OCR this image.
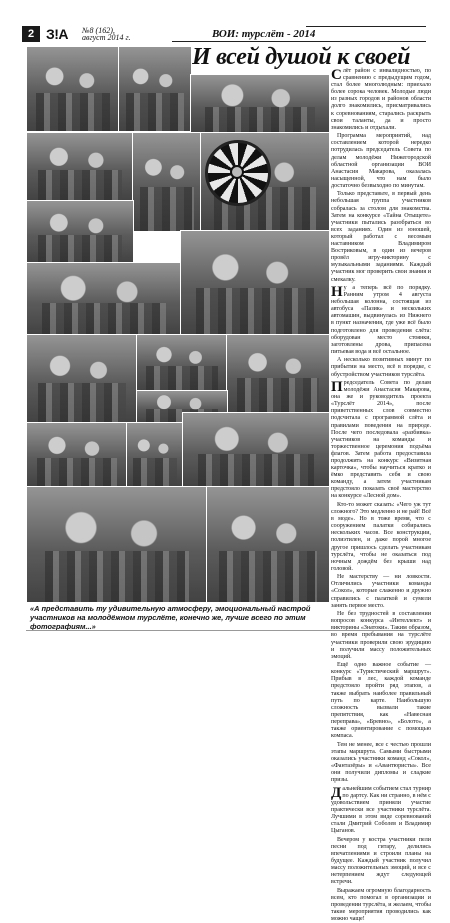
2 З!А №8 (162),
август 2014 г.	ВОИ: турслёт - 2014
И всей душой к своей
«А представить ту удивительную атмосферу, эмоциональный настрой участников на молодёжном турслёте, конечно же, лучше всего по этим фотографиям...»

Слёт район с инвалидностью, по сравнению с предыдущим годом, стал более многолюдным: приехало более сорока человек. Молодые люди из разных городов и районов области долго знакомились, присматривались к соревнованиям, старались раскрыть свои таланты, да и просто знакомились и отдыхали.

Программа мероприятий, над составлением которой нередко потрудилась председатель Совета по делам молодёжи Нижегородской областной организации ВОИ Анастасия Макарова, оказалась насыщенной, что нам было достаточно безвыходно по минутам.

Только представьте, в первый день небольшая группа участников собралась за столом для знакомства. Затем на конкурсе «Тайна Отыщете» участники пытались разобраться во всех заданиях. Один из юношей, который работал с весомым наставником Владимиром Востриковым, в один из вечеров провёл игру-викторину с музыкальными заданиями. Каждый участник мог проверить свои знания и смекалку.

Ну а теперь всё по порядку. Ранним утром 4 августа небольшая колонна, состоящая из автобуса «Пазик» и нескольких автомашин, выдвинулась из Нижнего в пункт назначения, где уже всё было подготовлено для проведения слёта: оборудован место стоянки, заготовлены дрова, припасена питьевая вода и всё остальное.

А несколько позитивных минут по прибытии на место, всё в порядке, с обустройством участников турслёта.

Председатель Совета по делам молодёжи Анастасия Макарова, она же и руководитель проекта «Турслёт 2014», после приветственных слов совместно подсчитала с программой слёта и правилами поведения на природе. После чего последовала «разбивка» участников на команды и торжественное церемония подъёма флагов. Затем работа предоставила продолжить на конкурс «Визитная карточка», чтобы научиться кратко и ёмко представить себя и свою команду, а затем участникам предстояло показать своё мастерство на конкурсе «Лесной дом».

Кто-то может сказать: «Чего уж тут сложного? Это медленно и не рай! Всё в моде». Но в тоже время, что с сооружением палатки собирались нескольких часов. Все конструкции, полиэтилен, и даже порой многое другое пришлось сделать участникам турслёта, чтобы не оказаться под ночным дождём без крыши над головой.

Не мастерству — ни ловкости. Отличились участники команды «Сокол», которые слаженно и дружно справились с палаткой и сумели занять первое место.

Не без трудностей в составлении вопросов конкурса «Интеллект» и викторины «Знатоки». Таким образом, во время пребывания на турслёте участники проверили свою эрудицию и получили массу положительных эмоций.

Ещё одно важное событие — конкурс «Туристический маршрут». Прибыв в лес, каждой команде предстояло пройти ряд этапов, а также выбрать наиболее правильный путь по карте. Наибольшую сложность вызвали такие препятствия, как «Навесная переправа», «Бревно», «Болото», а также ориентирование с помощью компаса.

Тем не менее, все с честью прошли этапы маршрута. Самыми быстрыми оказались участники команд «Сокол», «Фантазёры» и «Авантюристы». Все они получили дипломы и сладкие призы.

Дальнейшим событием стал турнир по дартсу. Как ни странно, в нём с удовольствием приняли участие практически все участники турслёта. Лучшими в этом виде соревнований стали Дмитрий Соболев и Владимир Цыганов.

Вечером у костра участники пели песни под гитару, делились впечатлениями и строили планы на будущее. Каждый участник получил массу положительных эмоций, и все с нетерпением ждут следующей встречи.

Выражаем огромную благодарность всем, кто помогал в организации и проведении турслёта, и желаем, чтобы такие мероприятия проводились как можно чаще!
